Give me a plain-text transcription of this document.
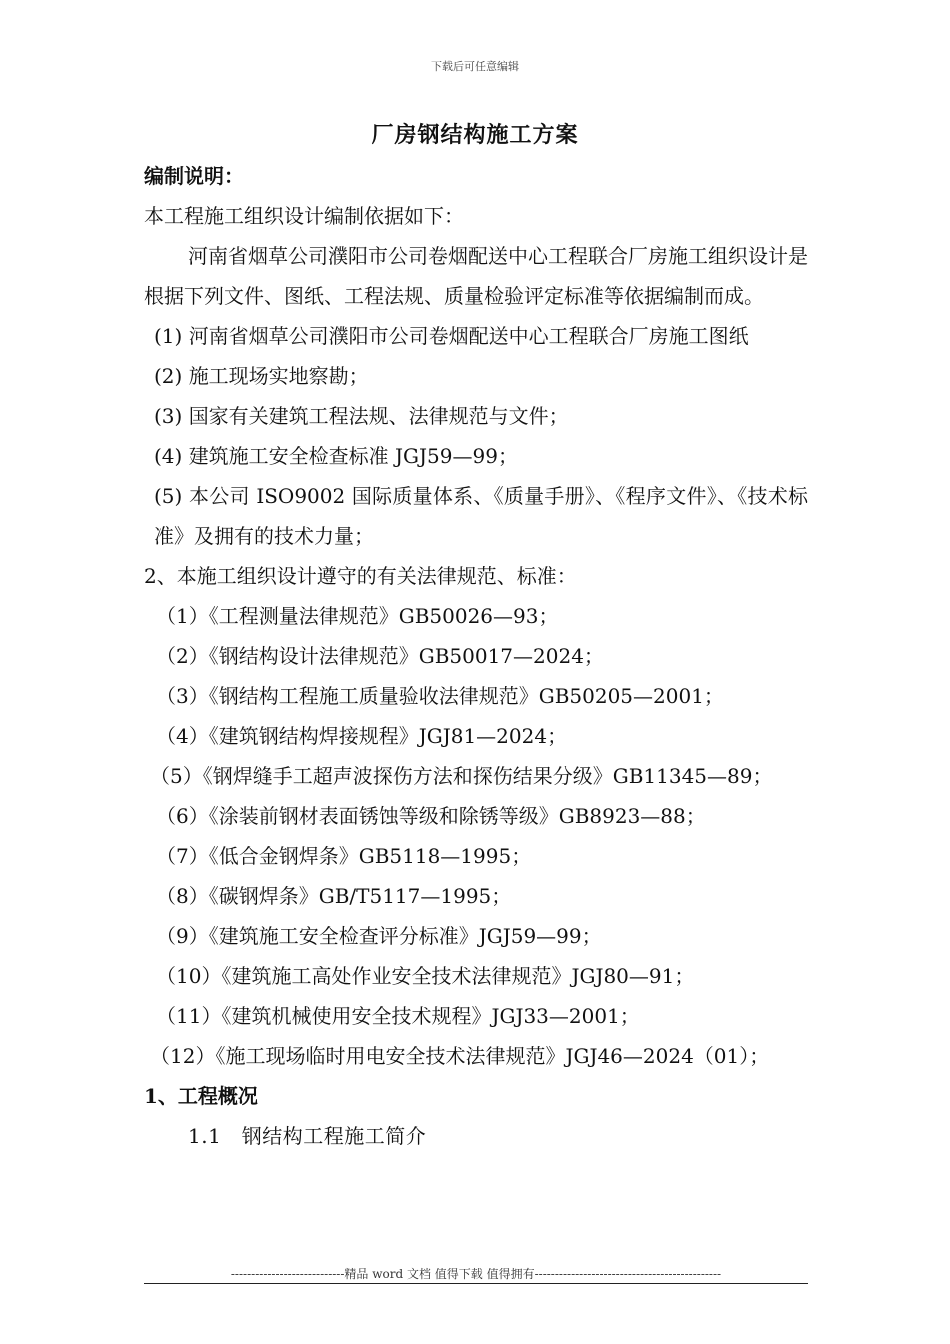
下载后可任意编辑
厂房钢结构施工方案
编制说明：
本工程施工组织设计编制依据如下：
河南省烟草公司濮阳市公司卷烟配送中心工程联合厂房施工组织设计是根据下列文件、图纸、工程法规、质量检验评定标准等依据编制而成。
(1) 河南省烟草公司濮阳市公司卷烟配送中心工程联合厂房施工图纸
(2) 施工现场实地察勘；
(3) 国家有关建筑工程法规、法律规范与文件；
(4) 建筑施工安全检查标准 JGJ59—99；
(5) 本公司 ISO9002 国际质量体系、《质量手册》、《程序文件》、《技术标准》及拥有的技术力量；
2、本施工组织设计遵守的有关法律规范、标准：
（1）《工程测量法律规范》GB50026—93；
（2）《钢结构设计法律规范》GB50017—2024；
（3）《钢结构工程施工质量验收法律规范》GB50205—2001；
（4）《建筑钢结构焊接规程》JGJ81—2024；
（5）《钢焊缝手工超声波探伤方法和探伤结果分级》GB11345—89；
（6）《涂装前钢材表面锈蚀等级和除锈等级》GB8923—88；
（7）《低合金钢焊条》GB5118—1995；
（8）《碳钢焊条》GB/T5117—1995；
（9）《建筑施工安全检查评分标准》JGJ59—99；
（10）《建筑施工高处作业安全技术法律规范》JGJ80—91；
（11）《建筑机械使用安全技术规程》JGJ33—2001；
（12）《施工现场临时用电安全技术法律规范》JGJ46—2024（01）；
1、工程概况
1.1　钢结构工程施工简介
----------------------------精品 word 文档 值得下载 值得拥有----------------------------------------------
